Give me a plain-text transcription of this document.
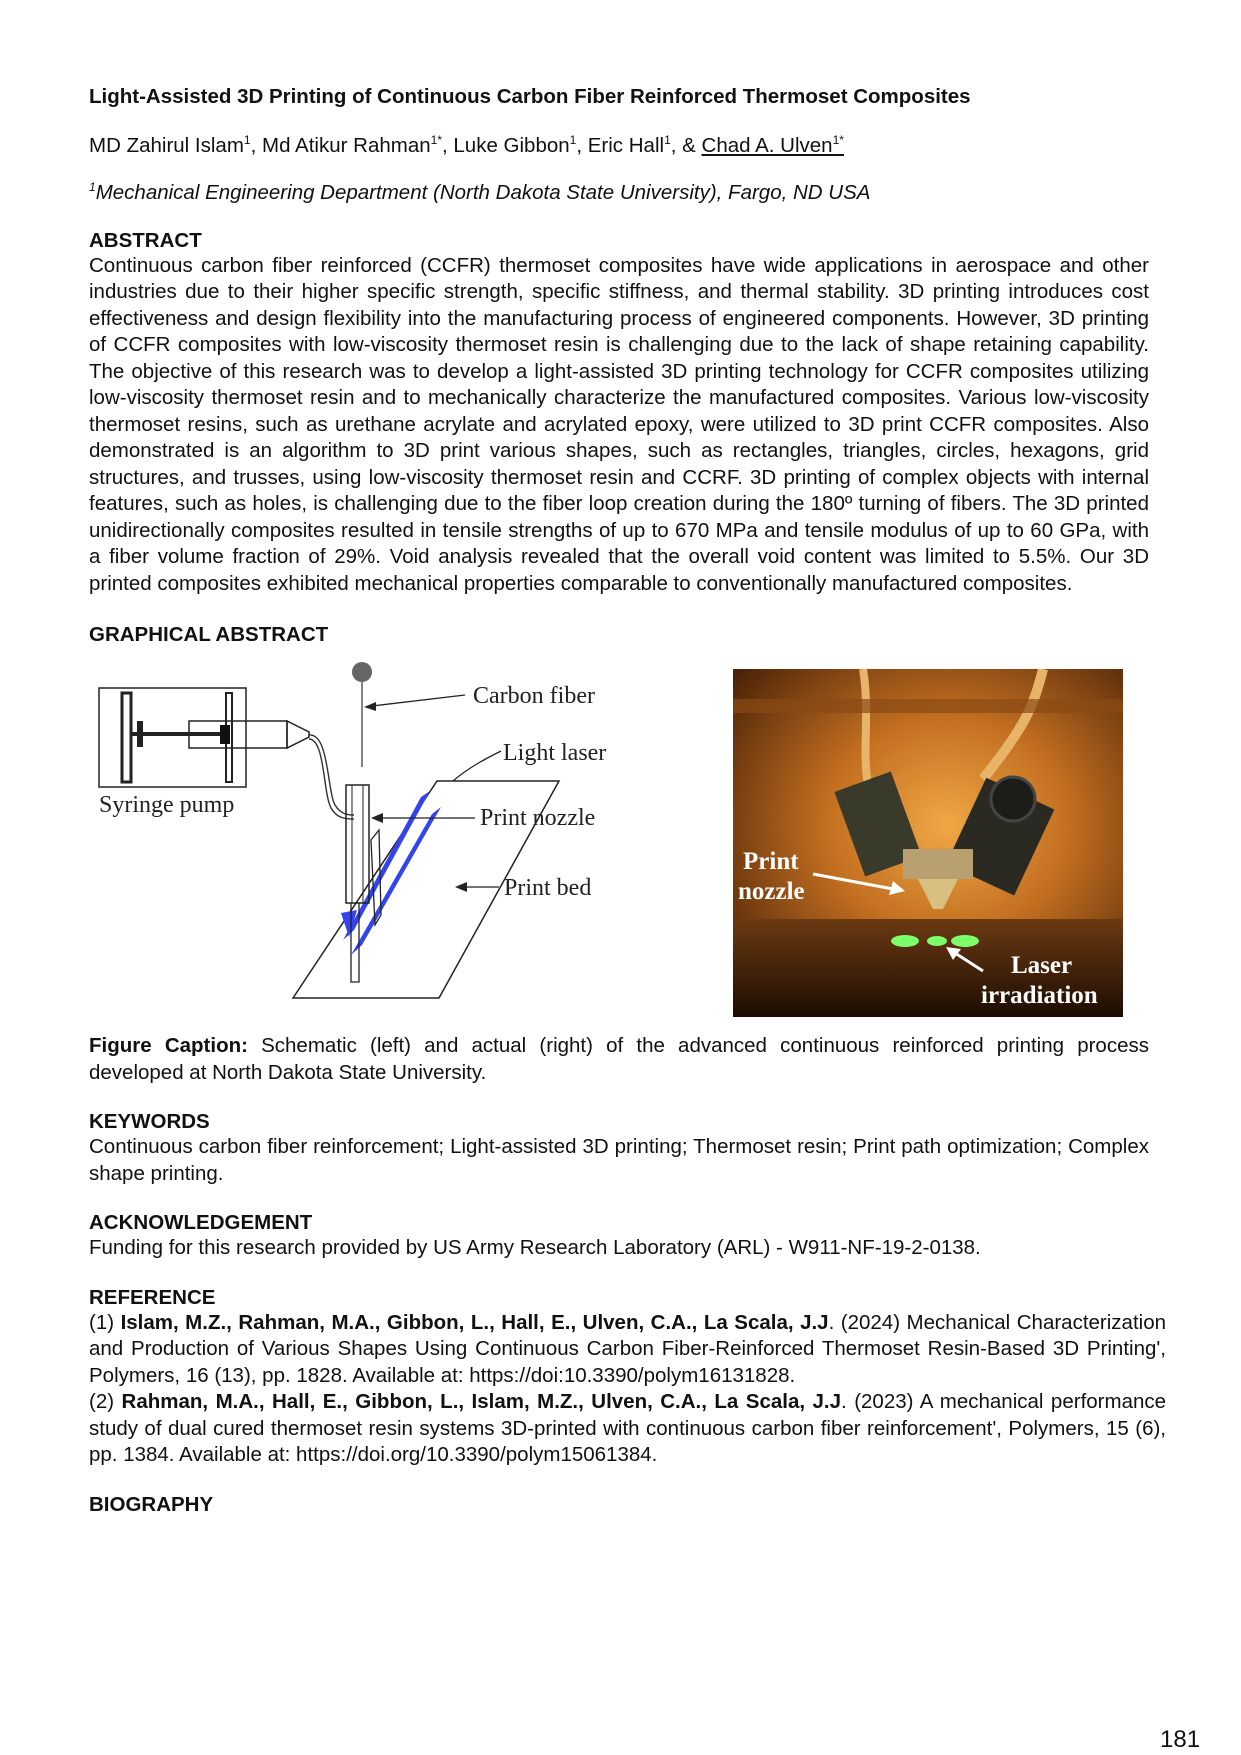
Light-Assisted 3D Printing of Continuous Carbon Fiber Reinforced Thermoset Composites
MD Zahirul Islam$^1$, Md Atikur Rahman$^{1*}$, Luke Gibbon$^1$, Eric Hall$^1$, & Chad A. Ulven$^{1*}$
$^1$Mechanical Engineering Department (North Dakota State University), Fargo, ND USA
ABSTRACT

Continuous carbon fiber reinforced (CCFR) thermoset composites have wide applications in aerospace and other industries due to their higher specific strength, specific stiffness, and thermal stability. 3D printing introduces cost effectiveness and design flexibility into the manufacturing process of engineered components. However, 3D printing of CCFR composites with low-viscosity thermoset resin is challenging due to the lack of shape retaining capability. The objective of this research was to develop a light-assisted 3D printing technology for CCFR composites utilizing low-viscosity thermoset resin and to mechanically characterize the manufactured composites. Various low-viscosity thermoset resins, such as urethane acrylate and acrylated epoxy, were utilized to 3D print CCFR composites. Also demonstrated is an algorithm to 3D print various shapes, such as rectangles, triangles, circles, hexagons, grid structures, and trusses, using low-viscosity thermoset resin and CCRF. 3D printing of complex objects with internal features, such as holes, is challenging due to the fiber loop creation during the 180º turning of fibers. The 3D printed unidirectionally composites resulted in tensile strengths of up to 670 MPa and tensile modulus of up to 60 GPa, with a fiber volume fraction of 29%. Void analysis revealed that the overall void content was limited to 5.5%. Our 3D printed composites exhibited mechanical properties comparable to conventionally manufactured composites.

GRAPHICAL ABSTRACT
Carbon fiber
Light laser
Syringe pump	Print nozzle
Print bed
Print
nozzle
Laser
irradiation

Figure Caption: Schematic (left) and actual (right) of the advanced continuous reinforced printing process developed at North Dakota State University.

KEYWORDS

Continuous carbon fiber reinforcement; Light-assisted 3D printing; Thermoset resin; Print path optimization; Complex shape printing.

ACKNOWLEDGEMENT

Funding for this research provided by US Army Research Laboratory (ARL) - W911-NF-19-2-0138.

REFERENCE

(1) Islam, M.Z., Rahman, M.A., Gibbon, L., Hall, E., Ulven, C.A., La Scala, J.J. (2024) Mechanical Characterization and Production of Various Shapes Using Continuous Carbon Fiber-Reinforced Thermoset Resin-Based 3D Printing', Polymers, 16 (13), pp. 1828. Available at: https://doi:10.3390/polym16131828.

(2) Rahman, M.A., Hall, E., Gibbon, L., Islam, M.Z., Ulven, C.A., La Scala, J.J. (2023) A mechanical performance study of dual cured thermoset resin systems 3D-printed with continuous carbon fiber reinforcement', Polymers, 15 (6), pp. 1384. Available at: https://doi.org/10.3390/polym15061384.

BIOGRAPHY
181
